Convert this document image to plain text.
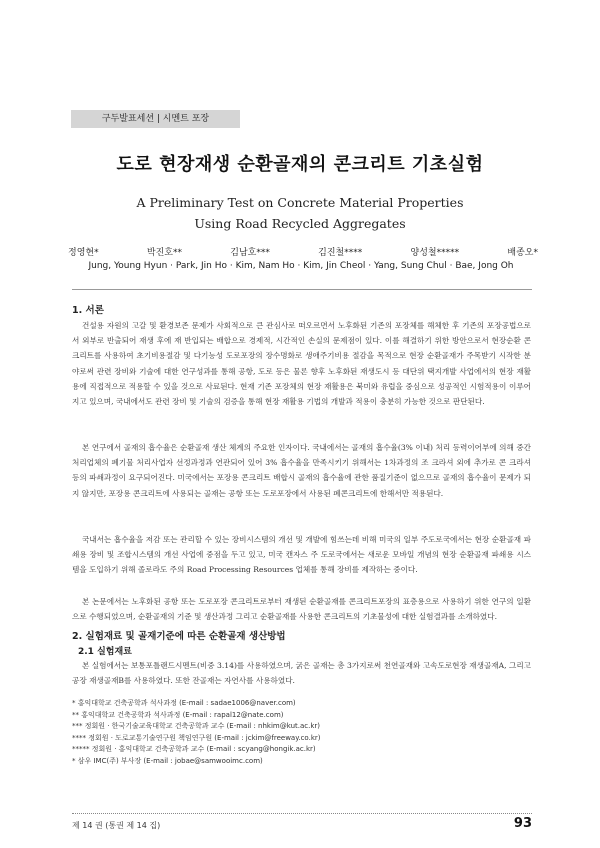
구두발표세션 | 시멘트 포장
도로 현장재생 순환골재의 콘크리트 기초실험
A Preliminary Test on Concrete Material Properties
Using Road Recycled Aggregates
정영현*	박진호**	김남호***	김진철****	양성철*****	배종오*
Jung, Young Hyun · Park, Jin Ho · Kim, Nam Ho · Kim, Jin Cheol · Yang, Sung Chul · Bae, Jong Oh
1. 서론

건설용 자원의 고갈 및 환경보존 문제가 사회적으로 큰 관심사로 떠오르면서 노후화된 기존의 포장체를 해체한 후 기존의 포장공법으로서 외부로 반출되어 재생 후에 재 반입되는 배합으로 경제적, 시간적인 손실의 문제점이 있다. 이를 해결하기 위한 방안으로서 현장순환 콘크리트를 사용하여 초기비용절감 및 다기능성 도로포장의 장수명화로 생애주기비용 절감을 목적으로 현장 순환골재가 주목받기 시작한 분야로써 관련 장비와 기술에 대한 연구성과를 통해 공항, 도로 등은 물론 향후 노후화된 재생도시 등 대단위 택지개발 사업에서의 현장 재활용에 직접적으로 적용할 수 있을 것으로 사료된다. 현재 기존 포장체의 현장 재활용은 북미와 유럽을 중심으로 성공적인 시험적용이 이루어지고 있으며, 국내에서도 관련 장비 및 기술의 검증을 통해 현장 재활용 기법의 개발과 적용이 충분히 가능한 것으로 판단된다.

본 연구에서 골재의 흡수율은 순환골재 생산 체계의 주요한 인자이다. 국내에서는 골재의 흡수율(3% 이내) 처리 등력이어부에 의해 중간처리업체의 폐기물 처리사업자 선정과정과 연관되어 있어 3% 흡수율을 만족시키기 위해서는 1차과정의 조 크라셔 외에 추가로 콘 크라셔 등의 파쇄과정이 요구되어진다. 미국에서는 포장용 콘크리트 배합시 골재의 흡수율에 관한 품질기준이 없으므로 골재의 흡수율이 문제가 되지 않지만, 포장용 콘크리트에 사용되는 골재는 공항 또는 도로포장에서 사용된 폐콘크리트에 한해서만 적용된다.

국내서는 흡수율을 저감 또는 관리할 수 있는 장비시스템의 개선 및 개발에 힘쓰는데 비해 미국의 일부 주도로국에서는 현장 순환골재 파쇄용 장비 및 조합시스템의 개선 사업에 중점을 두고 있고, 미국 캔자스 주 도로국에서는 새로운 모바일 개념의 현장 순환골재 파쇄용 시스템을 도입하기 위해 졸로라도 주의 Road Processing Resources 업체를 통해 장비를 제작하는 중이다.

본 논문에서는 노후화된 공항 또는 도로포장 콘크리트로부터 재생된 순환골재를 콘크리트포장의 표층용으로 사용하기 위한 연구의 일환으로 수행되었으며, 순환골재의 기준 및 생산과정 그리고 순환골재를 사용한 콘크리트의 기초물성에 대한 실험결과를 소개하였다.

2. 실험재료 및 골재기준에 따른 순환골재 생산방법
2.1 실험재료

본 실험에서는 보통포틀랜드시멘트(비중 3.14)를 사용하였으며, 굵은 골재는 총 3가지로써 천연골재와 고속도로현장 재생골재A, 그리고 공장 재생골재B를 사용하였다. 또한 잔골재는 자연사를 사용하였다.

* 홍익대학교 건축공학과 석사과정 (E-mail : sadae1006@naver.com)
** 홍익대학교 건축공학과 석사과정 (E-mail : rapal12@nate.com)
*** 정회원 · 한국기술교육대학교 건축공학과 교수 (E-mail : nhkim@kut.ac.kr)
**** 정회원 · 도로교통기술연구원 책임연구원 (E-mail : jckim@freeway.co.kr)
***** 정회원 · 홍익대학교 건축공학과 교수 (E-mail : scyang@hongik.ac.kr)
* 삼우 IMC(주) 부사장 (E-mail : jobae@samwooimc.com)
제 14 권 (통권 제 14 집)	93
